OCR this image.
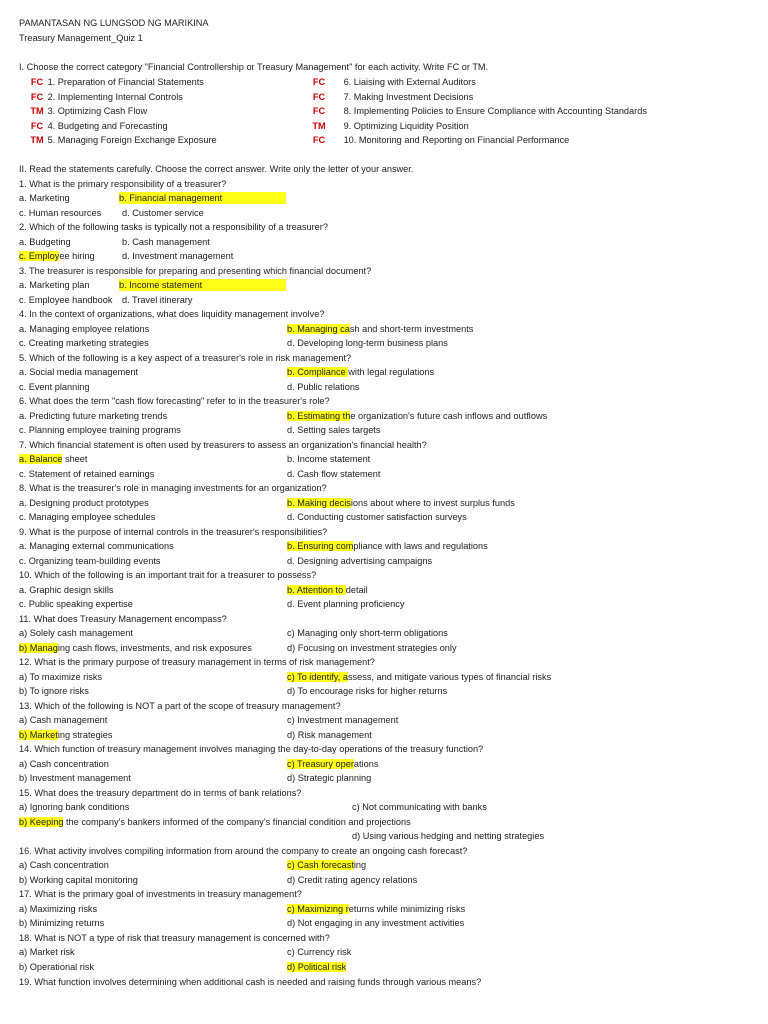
PAMANTASAN NG LUNGSOD NG MARIKINA
Treasury Management_Quiz 1
I. Choose the correct category "Financial Controllership or Treasury Management" for each activity. Write FC or TM.
FC 1. Preparation of Financial Statements
FC 2. Implementing Internal Controls
TM 3. Optimizing Cash Flow
FC 4. Budgeting and Forecasting
TM 5. Managing Foreign Exchange Exposure
FC 6. Liaising with External Auditors
FC 7. Making Investment Decisions
FC 8. Implementing Policies to Ensure Compliance with Accounting Standards
TM 9. Optimizing Liquidity Position
FC 10. Monitoring and Reporting on Financial Performance
II. Read the statements carefully. Choose the correct answer. Write only the letter of your answer.
1. What is the primary responsibility of a treasurer?
a. Marketing	b. Financial management
c. Human resources d. Customer service
2. Which of the following tasks is typically not a responsibility of a treasurer?
a. Budgeting	b. Cash management
c. Employee hiring	d. Investment management
3. The treasurer is responsible for preparing and presenting which financial document?
a. Marketing plan	b. Income statement
c. Employee handbook d. Travel itinerary
4. In the context of organizations, what does liquidity management involve?
a. Managing employee relations	b. Managing cash and short-term investments
c. Creating marketing strategies	d. Developing long-term business plans
5. Which of the following is a key aspect of a treasurer's role in risk management?
a. Social media management	b. Compliance with legal regulations
c. Event planning	d. Public relations
6. What does the term "cash flow forecasting" refer to in the treasurer's role?
a. Predicting future marketing trends	b. Estimating the organization's future cash inflows and outflows
c. Planning employee training programs	d. Setting sales targets
7. Which financial statement is often used by treasurers to assess an organization's financial health?
a. Balance sheet	b. Income statement
c. Statement of retained earnings	d. Cash flow statement
8. What is the treasurer's role in managing investments for an organization?
a. Designing product prototypes	b. Making decisions about where to invest surplus funds
c. Managing employee schedules	d. Conducting customer satisfaction surveys
9. What is the purpose of internal controls in the treasurer's responsibilities?
a. Managing external communications	b. Ensuring compliance with laws and regulations
c. Organizing team-building events	d. Designing advertising campaigns
10. Which of the following is an important trait for a treasurer to possess?
a. Graphic design skills	b. Attention to detail
c. Public speaking expertise	d. Event planning proficiency
11. What does Treasury Management encompass?
a) Solely cash management	c) Managing only short-term obligations
b) Managing cash flows, investments, and risk exposures	d) Focusing on investment strategies only
12. What is the primary purpose of treasury management in terms of risk management?
a) To maximize risks	c) To identify, assess, and mitigate various types of financial risks
b) To ignore risks	d) To encourage risks for higher returns
13. Which of the following is NOT a part of the scope of treasury management?
a) Cash management	c) Investment management
b) Marketing strategies	d) Risk management
14. Which function of treasury management involves managing the day-to-day operations of the treasury function?
a) Cash concentration	c) Treasury operations
b) Investment management	d) Strategic planning
15. What does the treasury department do in terms of bank relations?
a) Ignoring bank conditions	c) Not communicating with banks
b) Keeping the company's bankers informed of the company's financial condition and projections
d) Using various hedging and netting strategies
16. What activity involves compiling information from around the company to create an ongoing cash forecast?
a) Cash concentration	c) Cash forecasting
b) Working capital monitoring	d) Credit rating agency relations
17. What is the primary goal of investments in treasury management?
a) Maximizing risks	c) Maximizing returns while minimizing risks
b) Minimizing returns	d) Not engaging in any investment activities
18. What is NOT a type of risk that treasury management is concerned with?
a) Market risk	c) Currency risk
b) Operational risk	d) Political risk
19. What function involves determining when additional cash is needed and raising funds through various means?
